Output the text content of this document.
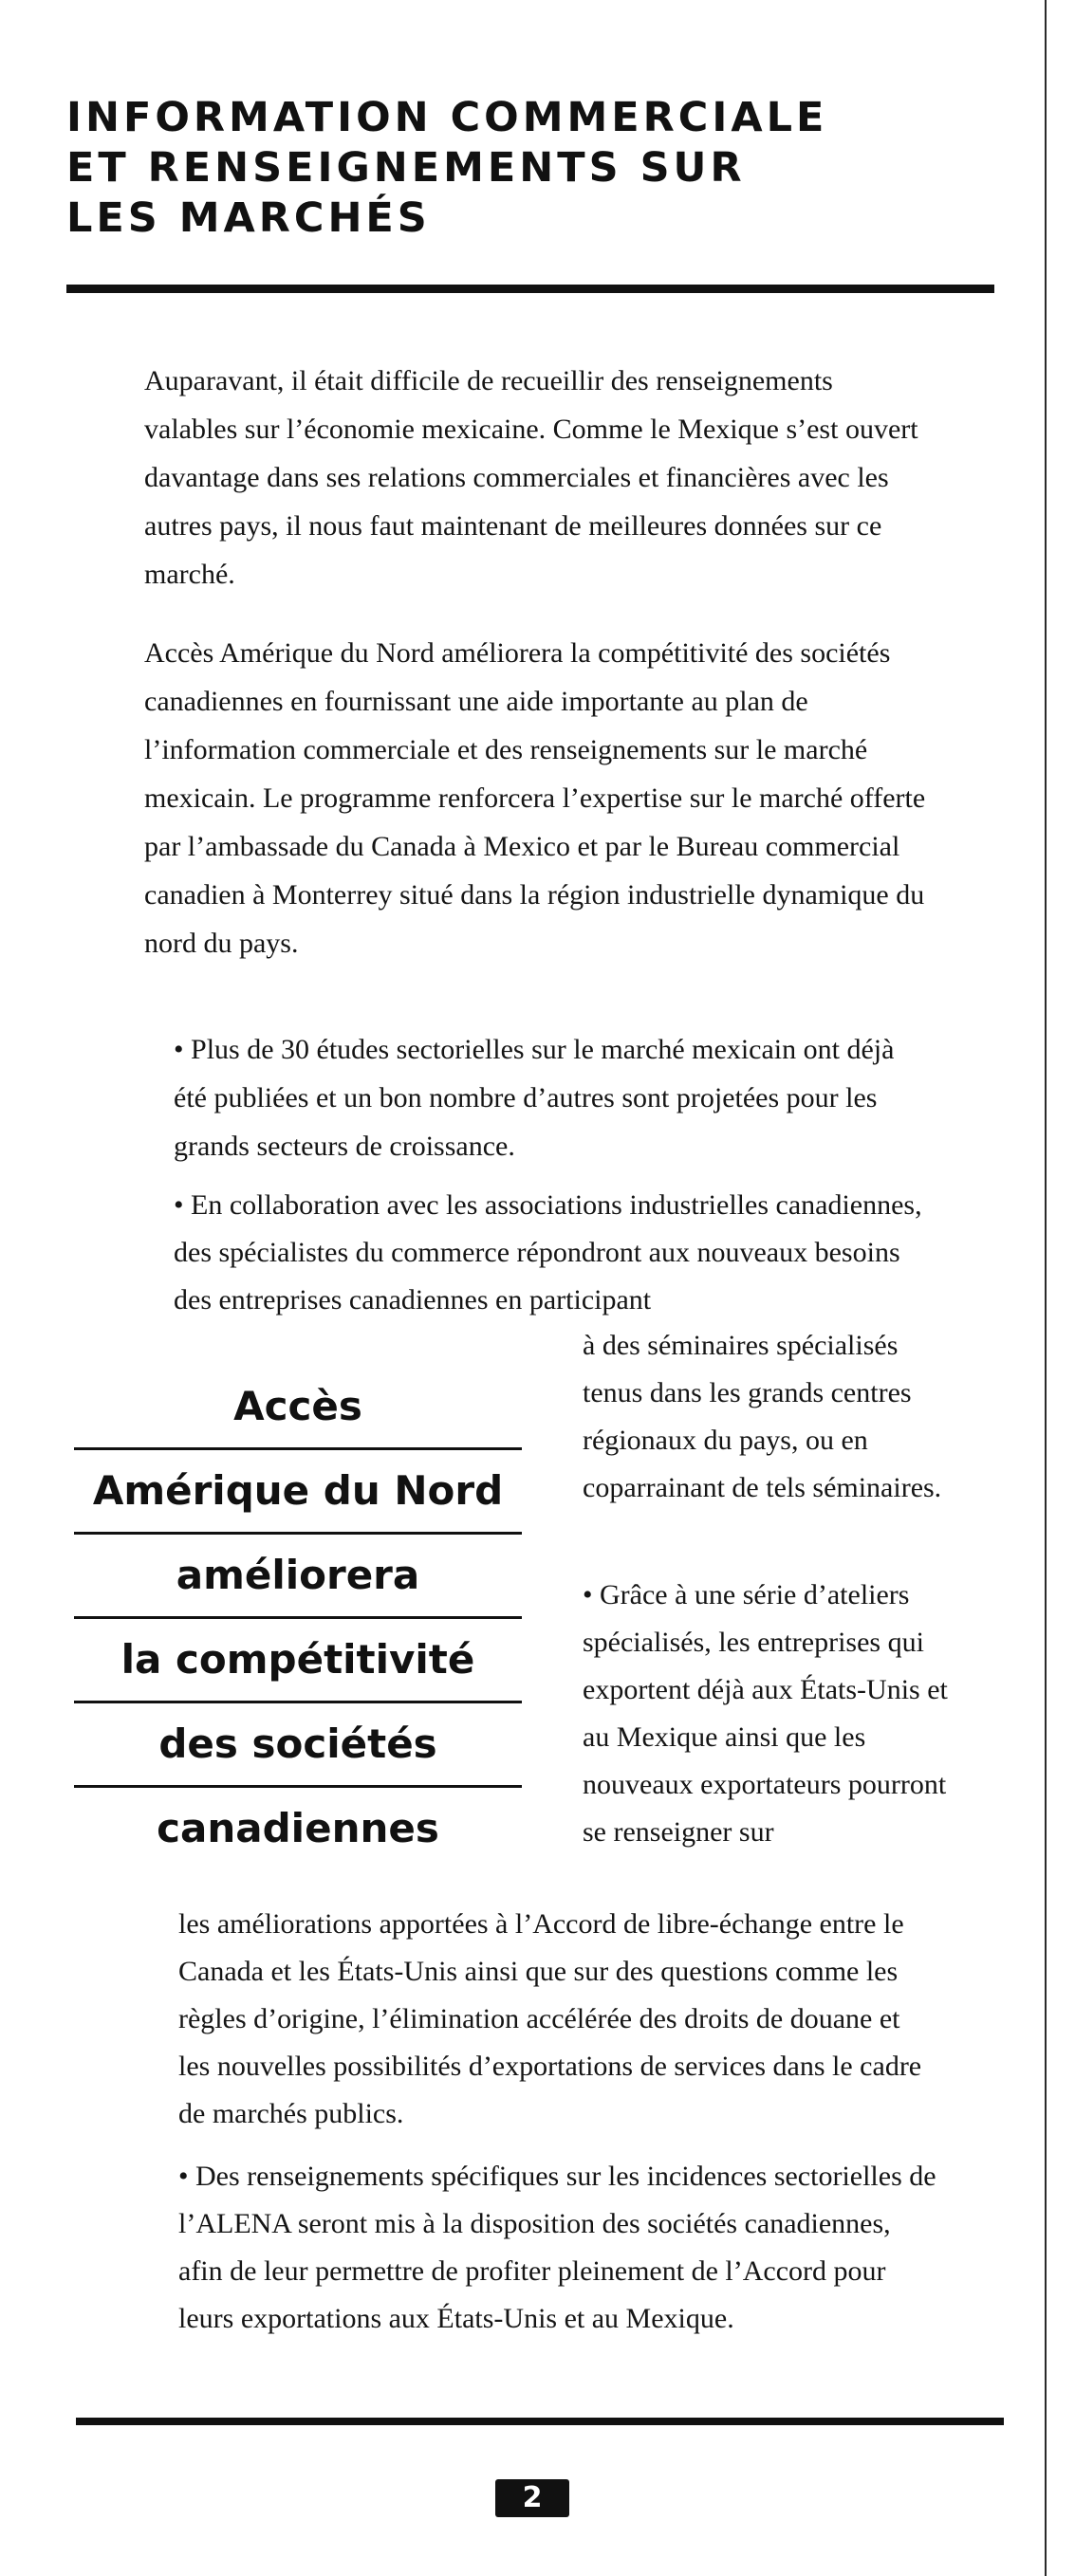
INFORMATION COMMERCIALE
ET RENSEIGNEMENTS SUR
LES MARCHÉS

Auparavant, il était difficile de recueillir des renseignements valables sur l’économie mexicaine. Comme le Mexique s’est ouvert davantage dans ses relations commerciales et financières avec les autres pays, il nous faut maintenant de meilleures données sur ce marché.

Accès Amérique du Nord améliorera la compétitivité des sociétés canadiennes en fournissant une aide importante au plan de l’information commerciale et des renseignements sur le marché mexicain. Le programme renforcera l’expertise sur le marché offerte par l’ambassade du Canada à Mexico et par le Bureau commercial canadien à Monterrey situé dans la région industrielle dynamique du nord du pays.

• Plus de 30 études sectorielles sur le marché mexicain ont déjà été publiées et un bon nombre d’autres sont projetées pour les grands secteurs de croissance.

• En collaboration avec les associations industrielles canadiennes, des spécialistes du commerce répondront aux nouveaux besoins des entreprises canadiennes en participant

à des séminaires spécialisés tenus dans les grands centres régionaux du pays, ou en coparrainant de tels séminaires.

• Grâce à une série d’ateliers spécialisés, les entreprises qui exportent déjà aux États-Unis et au Mexique ainsi que les nouveaux exportateurs pourront se renseigner sur

les améliorations apportées à l’Accord de libre-échange entre le Canada et les États-Unis ainsi que sur des questions comme les règles d’origine, l’élimination accélérée des droits de douane et les nouvelles possibilités d’exportations de services dans le cadre de marchés publics.

• Des renseignements spécifiques sur les incidences sectorielles de l’ALENA seront mis à la disposition des sociétés canadiennes, afin de leur permettre de profiter pleinement de l’Accord pour leurs exportations aux États-Unis et au Mexique.

Accès
Amérique du Nord
améliorera
la compétitivité
des sociétés
canadiennes
2
